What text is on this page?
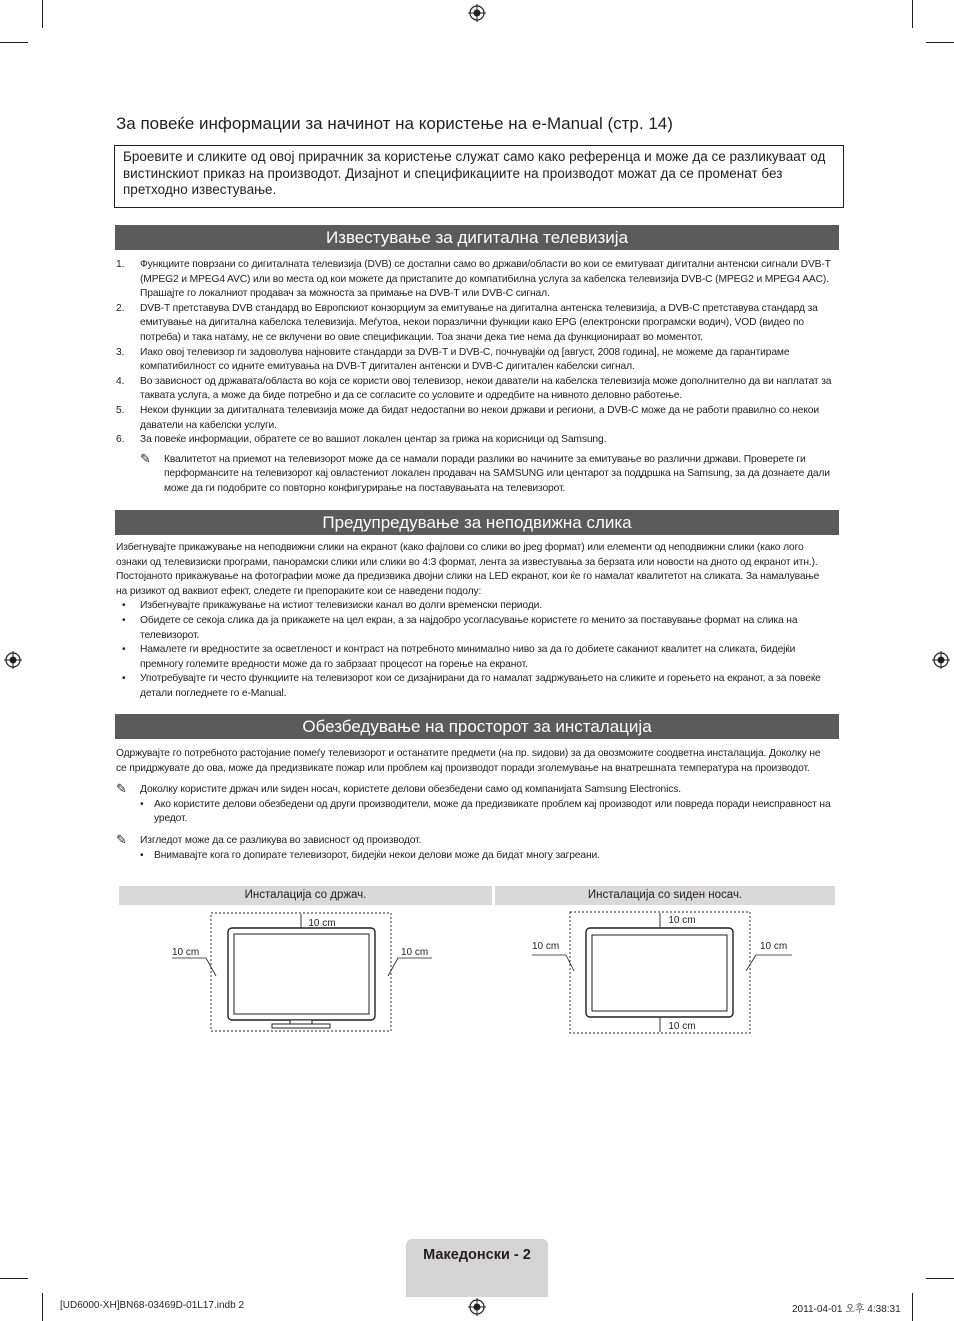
За повеќе информации за начинот на користење на e-Manual (стр. 14)
Броевите и сликите од овој прирачник за користење служат само како референца и може да се разликуваат од вистинскиот приказ на производот. Дизајнот и спецификациите на производот можат да се променат без претходно известување.
Известување за дигитална телевизија
1. Функциите поврзани со дигиталната телевизија (DVB) се достапни само во држави/области во кои се емитуваат дигитални антенски сигнали DVB-T (MPEG2 и MPEG4 AVC) или во места од кои можете да пристапите до компатибилна услуга за кабелска телевизија DVB-C (MPEG2 и MPEG4 AAC). Прашајте го локалниот продавач за можноста за примање на DVB-T или DVB-C сигнал.
2. DVB-T претставува DVB стандард во Европскиот конзорциум за емитување на дигитална антенска телевизија, а DVB-C претставува стандард за емитување на дигитална кабелска телевизија. Меѓутоа, некои поразлични функции како EPG (електронски програмски водич), VOD (видео по потреба) и така натаму, не се вклучени во овие спецификации. Тоа значи дека тие нема да функционираат во моментот.
3. Иако овој телевизор ги задоволува најновите стандарди за DVB-T и DVB-C, почнувајќи од [август, 2008 година], не можеме да гарантираме компатибилност со идните емитувања на DVB-T дигитален антенски и DVB-C дигитален кабелски сигнал.
4. Во зависност од државата/областа во која се користи овој телевизор, некои даватели на кабелска телевизија може дополнително да ви наплатат за таквата услуга, а може да биде потребно и да се согласите со условите и одредбите на нивното деловно работење.
5. Некои функции за дигиталната телевизија може да бидат недостапни во некои држави и региони, а DVB-C може да не работи правилно со некои даватели на кабелски услуги.
6. За повеќе информации, обратете се во вашиот локален центар за грижа на корисници од Samsung.
✎ Квалитетот на приемот на телевизорот може да се намали поради разлики во начините за емитување во различни држави. Проверете ги перформансите на телевизорот кај овластениот локален продавач на SAMSUNG или центарот за поддршка на Samsung, за да дознаете дали може да ги подобрите со повторно конфигурирање на поставувањата на телевизорот.
Предупредување за неподвижна слика
Избегнувајте прикажување на неподвижни слики на екранот (како фајлови со слики во jpeg формат) или елементи од неподвижни слики (како лого ознаки од телевизиски програми, панорамски слики или слики во 4:3 формат, лента за известувања за берзата или новости на дното од екранот итн.). Постојаното прикажување на фотографии може да предизвика двојни слики на LED екранот, кои ќе го намалат квалитетот на сликата. За намалување на ризикот од ваквиот ефект, следете ги препораките кои се наведени подолу:
• Избегнувајте прикажување на истиот телевизиски канал во долги временски периоди.
• Обидете се секоја слика да ја прикажете на цел екран, а за најдобро усогласување користете го менито за поставување формат на слика на телевизорот.
• Намалете ги вредностите за осветленост и контраст на потребното минимално ниво за да го добиете саканиот квалитет на сликата, бидејќи премногу големите вредности може да го забрзаат процесот на горење на екранот.
• Употребувајте ги често функциите на телевизорот кои се дизајнирани да го намалат задржувањето на сликите и горењето на екранот, а за повеќе детали погледнете го e-Manual.
Обезбедување на просторот за инсталација
Одржувајте го потребното растојание помеѓу телевизорот и останатите предмети (на пр. ѕидови) за да овозможите соодветна инсталација. Доколку не се придржувате до ова, може да предизвикате пожар или проблем кај производот поради зголемување на внатрешната температура на производот.
✎ Доколку користите држач или ѕиден носач, користете делови обезбедени само од компанијата Samsung Electronics.
• Ако користите делови обезбедени од други производители, може да предизвикате проблем кај производот или повреда поради неисправност на уредот.
✎ Изгледот може да се разликува во зависност од производот.
• Внимавајте кога го допирате телевизорот, бидејќи некои делови може да бидат многу загреани.
Инсталација со држач.	Инсталација со ѕиден носач.
10 cm
10 cm	10 cm
10 cm
10 cm
10 cm	10 cm
Македонски - 2
[UD6000-XH]BN68-03469D-01L17.indb 2	2011-04-01 오후 4:38:31
